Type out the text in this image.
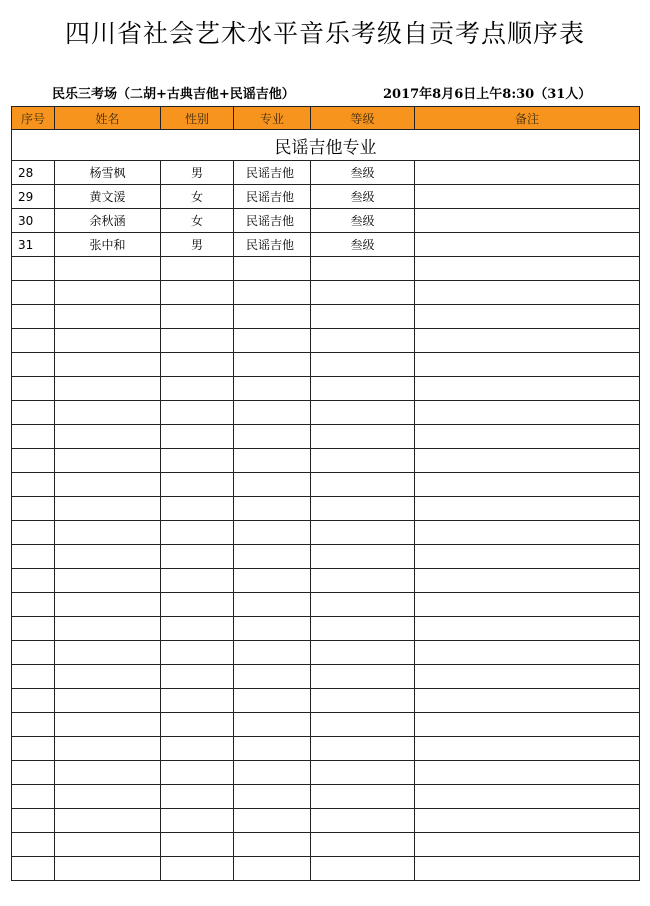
四川省社会艺术水平音乐考级自贡考点顺序表
民乐三考场（二胡+古典吉他+民谣吉他）	2017年8月6日上午8:30（31人）
序号	姓名	性别	专业	等级	备注
民谣吉他专业					
28	杨雪枫	男	民谣吉他	叁级	
29	黄文湲	女	民谣吉他	叁级	
30	余秋涵	女	民谣吉他	叁级	
31	张中和	男	民谣吉他	叁级	
